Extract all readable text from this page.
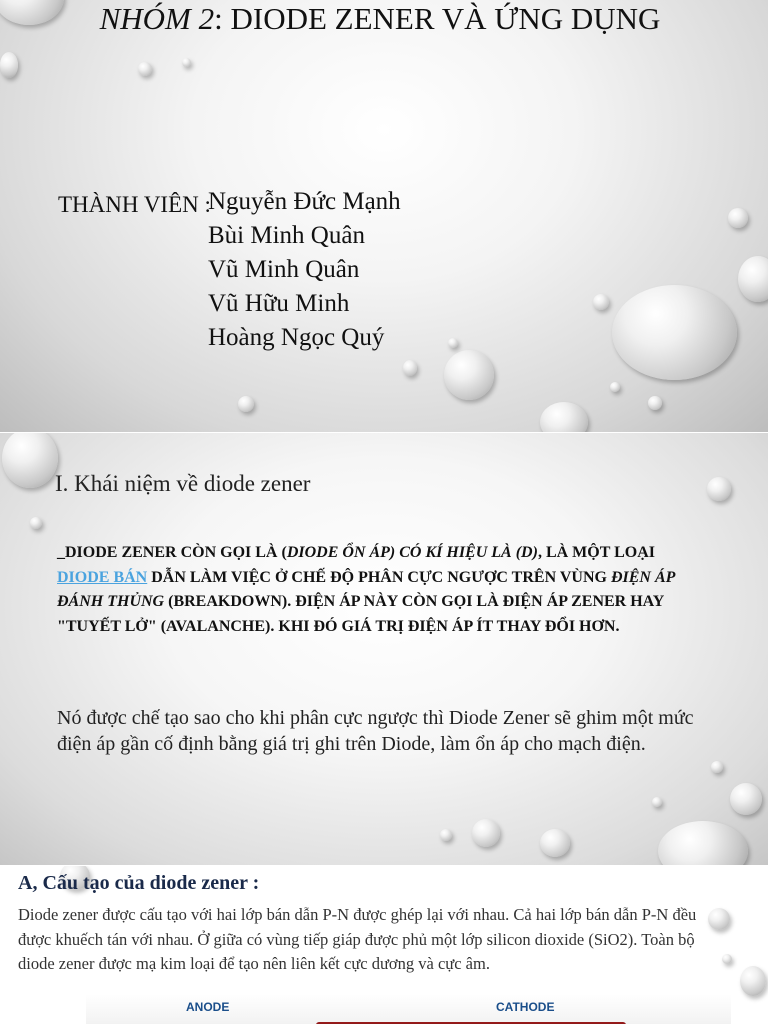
NHÓM 2: DIODE ZENER VÀ ỨNG DỤNG
THÀNH VIÊN :
Nguyễn Đức Mạnh
Bùi Minh Quân
Vũ Minh Quân
Vũ Hữu Minh
Hoàng Ngọc Quý
I. Khái niệm về diode zener
_DIODE ZENER CÒN GỌI LÀ (DIODE ỔN ÁP) CÓ KÍ HIỆU LÀ (D), LÀ MỘT LOẠI DIODE BÁN DẪN LÀM VIỆC Ở CHẾ ĐỘ PHÂN CỰC NGƯỢC TRÊN VÙNG ĐIỆN ÁP ĐÁNH THỦNG (BREAKDOWN). ĐIỆN ÁP NÀY CÒN GỌI LÀ ĐIỆN ÁP ZENER HAY "TUYẾT LỞ" (AVALANCHE). KHI ĐÓ GIÁ TRỊ ĐIỆN ÁP ÍT THAY ĐỔI HƠN.
Nó được chế tạo sao cho khi phân cực ngược thì Diode Zener sẽ ghim một mức điện áp gần cố định bằng giá trị ghi trên Diode, làm ổn áp cho mạch điện.
A, Cấu tạo của diode zener :
Diode zener được cấu tạo với hai lớp bán dẫn P-N được ghép lại với nhau. Cả hai lớp bán dẫn P-N đều được khuếch tán với nhau. Ở giữa có vùng tiếp giáp được phủ một lớp silicon dioxide (SiO2). Toàn bộ diode zener được mạ kim loại để tạo nên liên kết cực dương và cực âm.
ANODE	CATHODE
